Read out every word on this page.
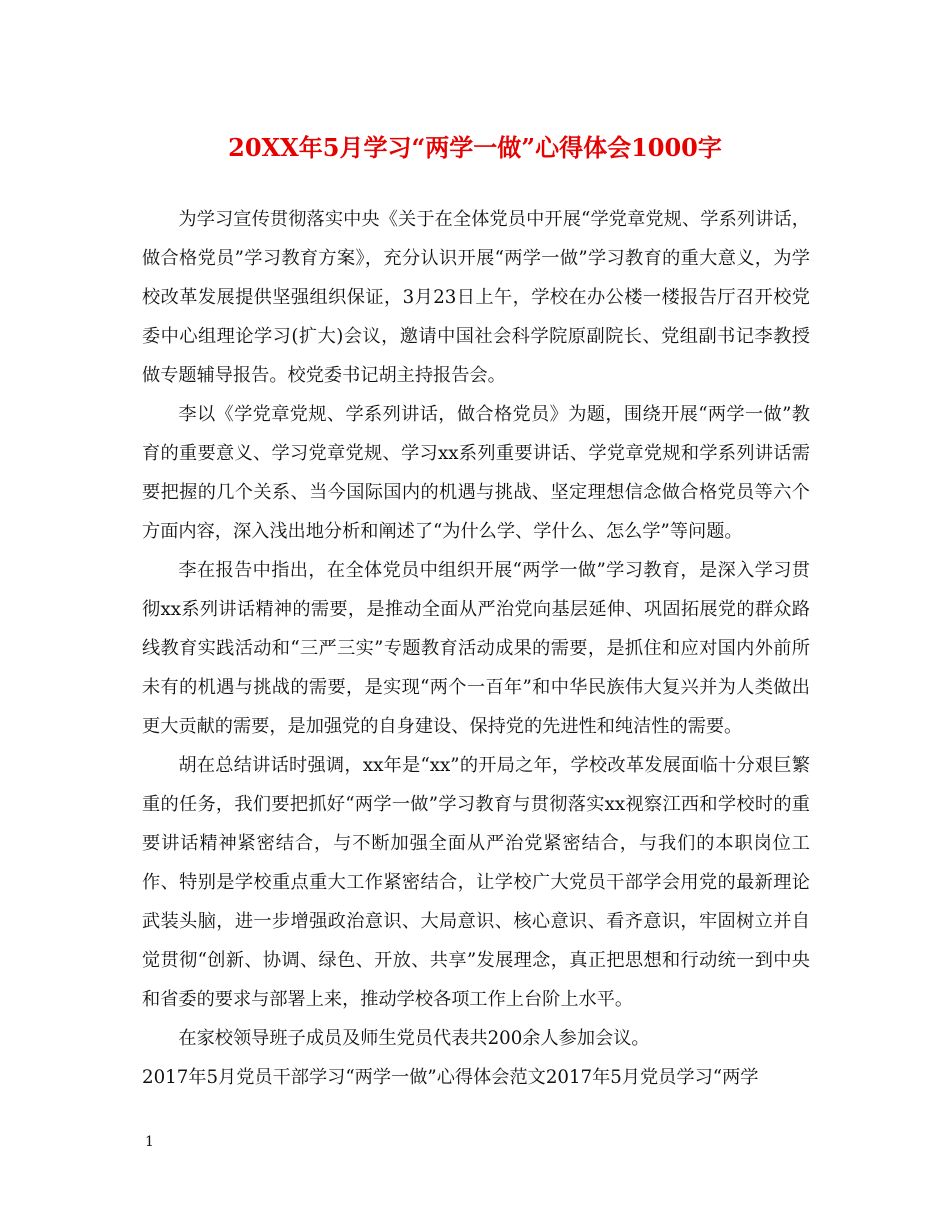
20XX年5月学习“两学一做”心得体会1000字

为学习宣传贯彻落实中央《关于在全体党员中开展“学党章党规、学系列讲话，做合格党员”学习教育方案》，充分认识开展“两学一做”学习教育的重大意义，为学校改革发展提供坚强组织保证，3月23日上午，学校在办公楼一楼报告厅召开校党委中心组理论学习(扩大)会议，邀请中国社会科学院原副院长、党组副书记李教授做专题辅导报告。校党委书记胡主持报告会。

李以《学党章党规、学系列讲话，做合格党员》为题，围绕开展“两学一做”教育的重要意义、学习党章党规、学习xx系列重要讲话、学党章党规和学系列讲话需要把握的几个关系、当今国际国内的机遇与挑战、坚定理想信念做合格党员等六个方面内容，深入浅出地分析和阐述了“为什么学、学什么、怎么学”等问题。

李在报告中指出，在全体党员中组织开展“两学一做”学习教育，是深入学习贯彻xx系列讲话精神的需要，是推动全面从严治党向基层延伸、巩固拓展党的群众路线教育实践活动和“三严三实”专题教育活动成果的需要，是抓住和应对国内外前所未有的机遇与挑战的需要，是实现“两个一百年”和中华民族伟大复兴并为人类做出更大贡献的需要，是加强党的自身建设、保持党的先进性和纯洁性的需要。

胡在总结讲话时强调，xx年是“xx”的开局之年，学校改革发展面临十分艰巨繁重的任务，我们要把抓好“两学一做”学习教育与贯彻落实xx视察江西和学校时的重要讲话精神紧密结合，与不断加强全面从严治党紧密结合，与我们的本职岗位工作、特别是学校重点重大工作紧密结合，让学校广大党员干部学会用党的最新理论武装头脑，进一步增强政治意识、大局意识、核心意识、看齐意识，牢固树立并自觉贯彻“创新、协调、绿色、开放、共享”发展理念，真正把思想和行动统一到中央和省委的要求与部署上来，推动学校各项工作上台阶上水平。

在家校领导班子成员及师生党员代表共200余人参加会议。

2017年5月党员干部学习“两学一做”心得体会范文2017年5月党员学习“两学

1
